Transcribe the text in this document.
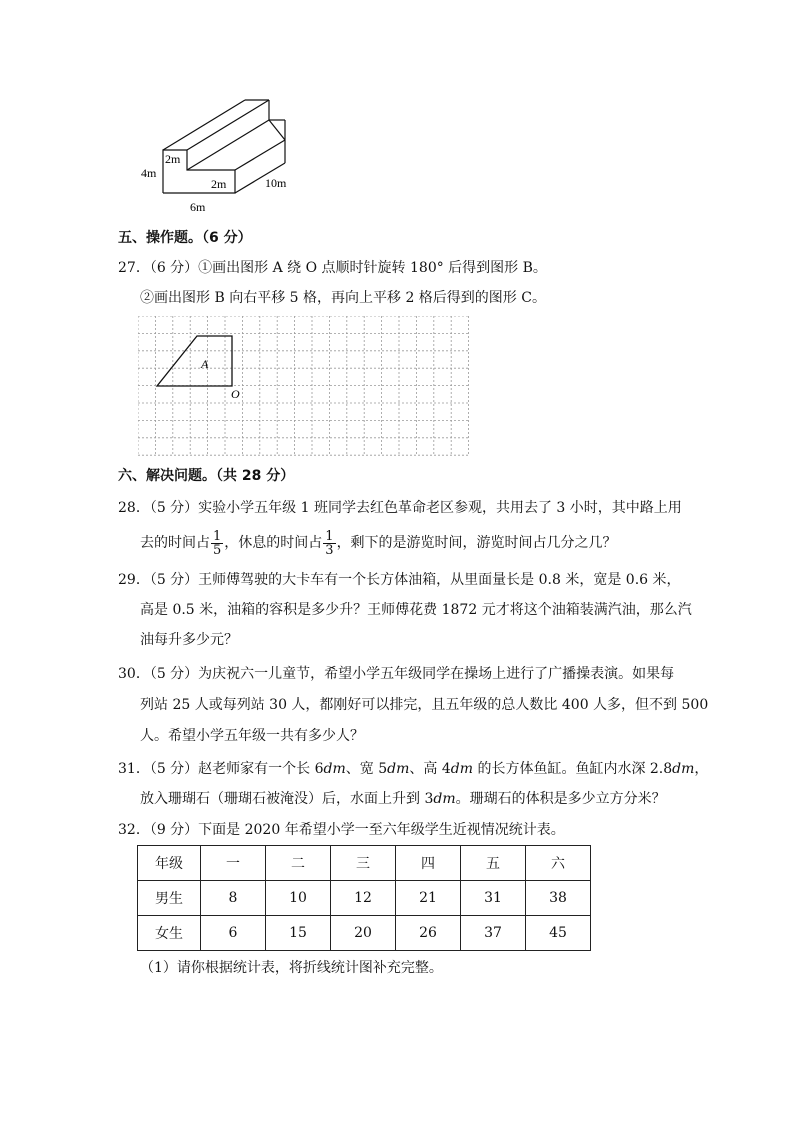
4m
2m
2m	10m
6m
五、操作题。（6 分）
27．（6 分）①画出图形 A 绕 O 点顺时针旋转 180° 后得到图形 B。
②画出图形 B 向右平移 5 格，再向上平移 2 格后得到的图形 C。
A
O
六、解决问题。（共 28 分）
28．（5 分）实验小学五年级 1 班同学去红色革命老区参观，共用去了 3 小时，其中路上用
去的时间占 $\frac{1}{5}$ ，休息的时间占 $\frac{1}{3}$ ，剩下的是游览时间，游览时间占几分之几？
29．（5 分）王师傅驾驶的大卡车有一个长方体油箱，从里面量长是 0.8 米，宽是 0.6 米，
高是 0.5 米，油箱的容积是多少升？王师傅花费 1872 元才将这个油箱装满汽油，那么汽
油每升多少元？
30．（5 分）为庆祝六一儿童节，希望小学五年级同学在操场上进行了广播操表演。如果每
列站 25 人或每列站 30 人，都刚好可以排完，且五年级的总人数比 400 人多，但不到 500
人。希望小学五年级一共有多少人？
31．（5 分）赵老师家有一个长 6dm、宽 5dm、高 4dm 的长方体鱼缸。鱼缸内水深 2.8dm，
放入珊瑚石（珊瑚石被淹没）后，水面上升到 3dm。珊瑚石的体积是多少立方分米？
32．（9 分）下面是 2020 年希望小学一至六年级学生近视情况统计表。
年级	一	二	三	四	五	六
男生	8	10	12	21	31	38
女生	6	15	20	26	37	45
（1）请你根据统计表，将折线统计图补充完整。
